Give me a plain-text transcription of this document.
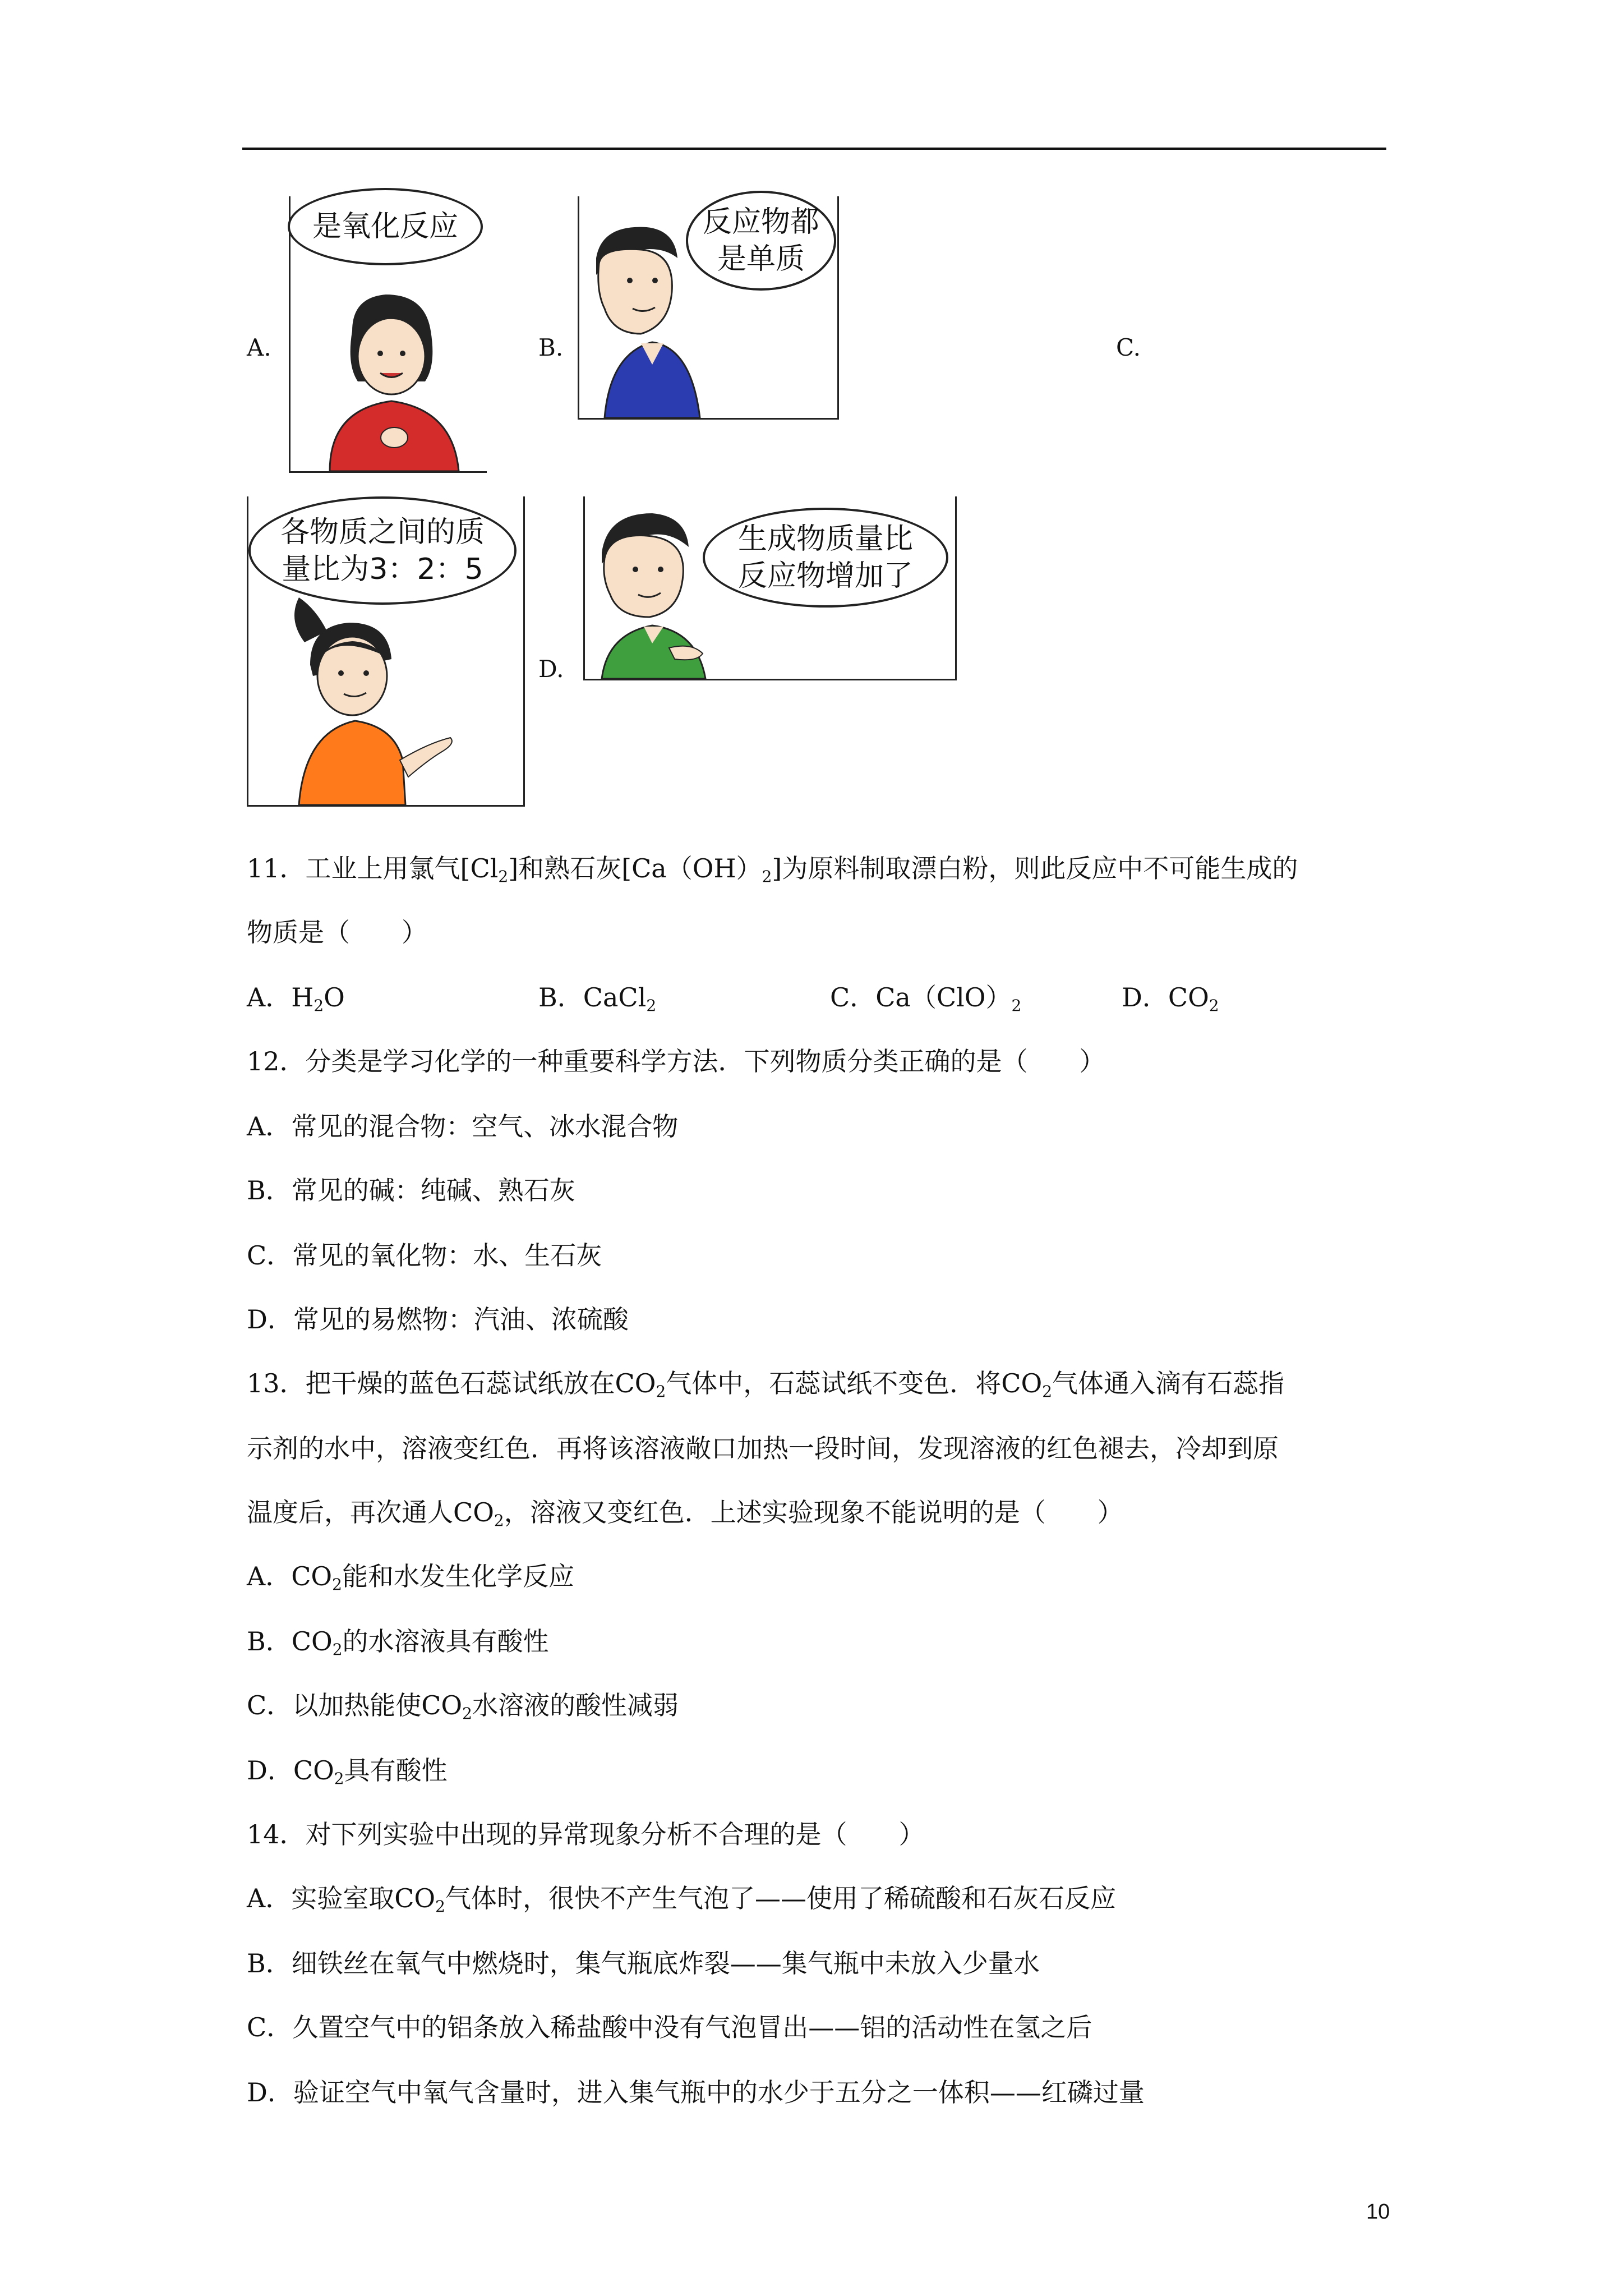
A.
是氧化反应
B.
反应物都
是单质
C.
各物质之间的质
量比为3：2：5
D.
生成物质量比
反应物增加了
11．工业上用氯气$[Cl_2]$和熟石灰$[Ca(OH)_2]$为原料制取漂白粉，则此反应中不可能生成的
物质是（　　）
A．$H_2O$	B．CaCl$_2$	C．$Ca(ClO)_2$	D．$CO_2$
12．分类是学习化学的一种重要科学方法．下列物质分类正确的是（　　）
A．常见的混合物：空气、冰水混合物
B．常见的碱：纯碱、熟石灰
C．常见的氧化物：水、生石灰
D．常见的易燃物：汽油、浓硫酸
13．把干燥的蓝色石蕊试纸放在$CO_2$气体中，石蕊试纸不变色．将$CO_2$气体通入滴有石蕊指
示剂的水中，溶液变红色．再将该溶液敞口加热一段时间，发现溶液的红色褪去，冷却到原
温度后，再次通人$CO_2$，溶液又变红色．上述实验现象不能说明的是（　　）
A．$CO_2$能和水发生化学反应
B．$CO_2$的水溶液具有酸性
C．以加热能使$CO_2$水溶液的酸性减弱
D．$CO_2$具有酸性
14．对下列实验中出现的异常现象分析不合理的是（　　）
A．实验室取$CO_2$气体时，很快不产生气泡了——使用了稀硫酸和石灰石反应
B．细铁丝在氧气中燃烧时，集气瓶底炸裂——集气瓶中未放入少量水
C．久置空气中的铝条放入稀盐酸中没有气泡冒出——铝的活动性在氢之后
D．验证空气中氧气含量时，进入集气瓶中的水少于五分之一体积——红磷过量
10
